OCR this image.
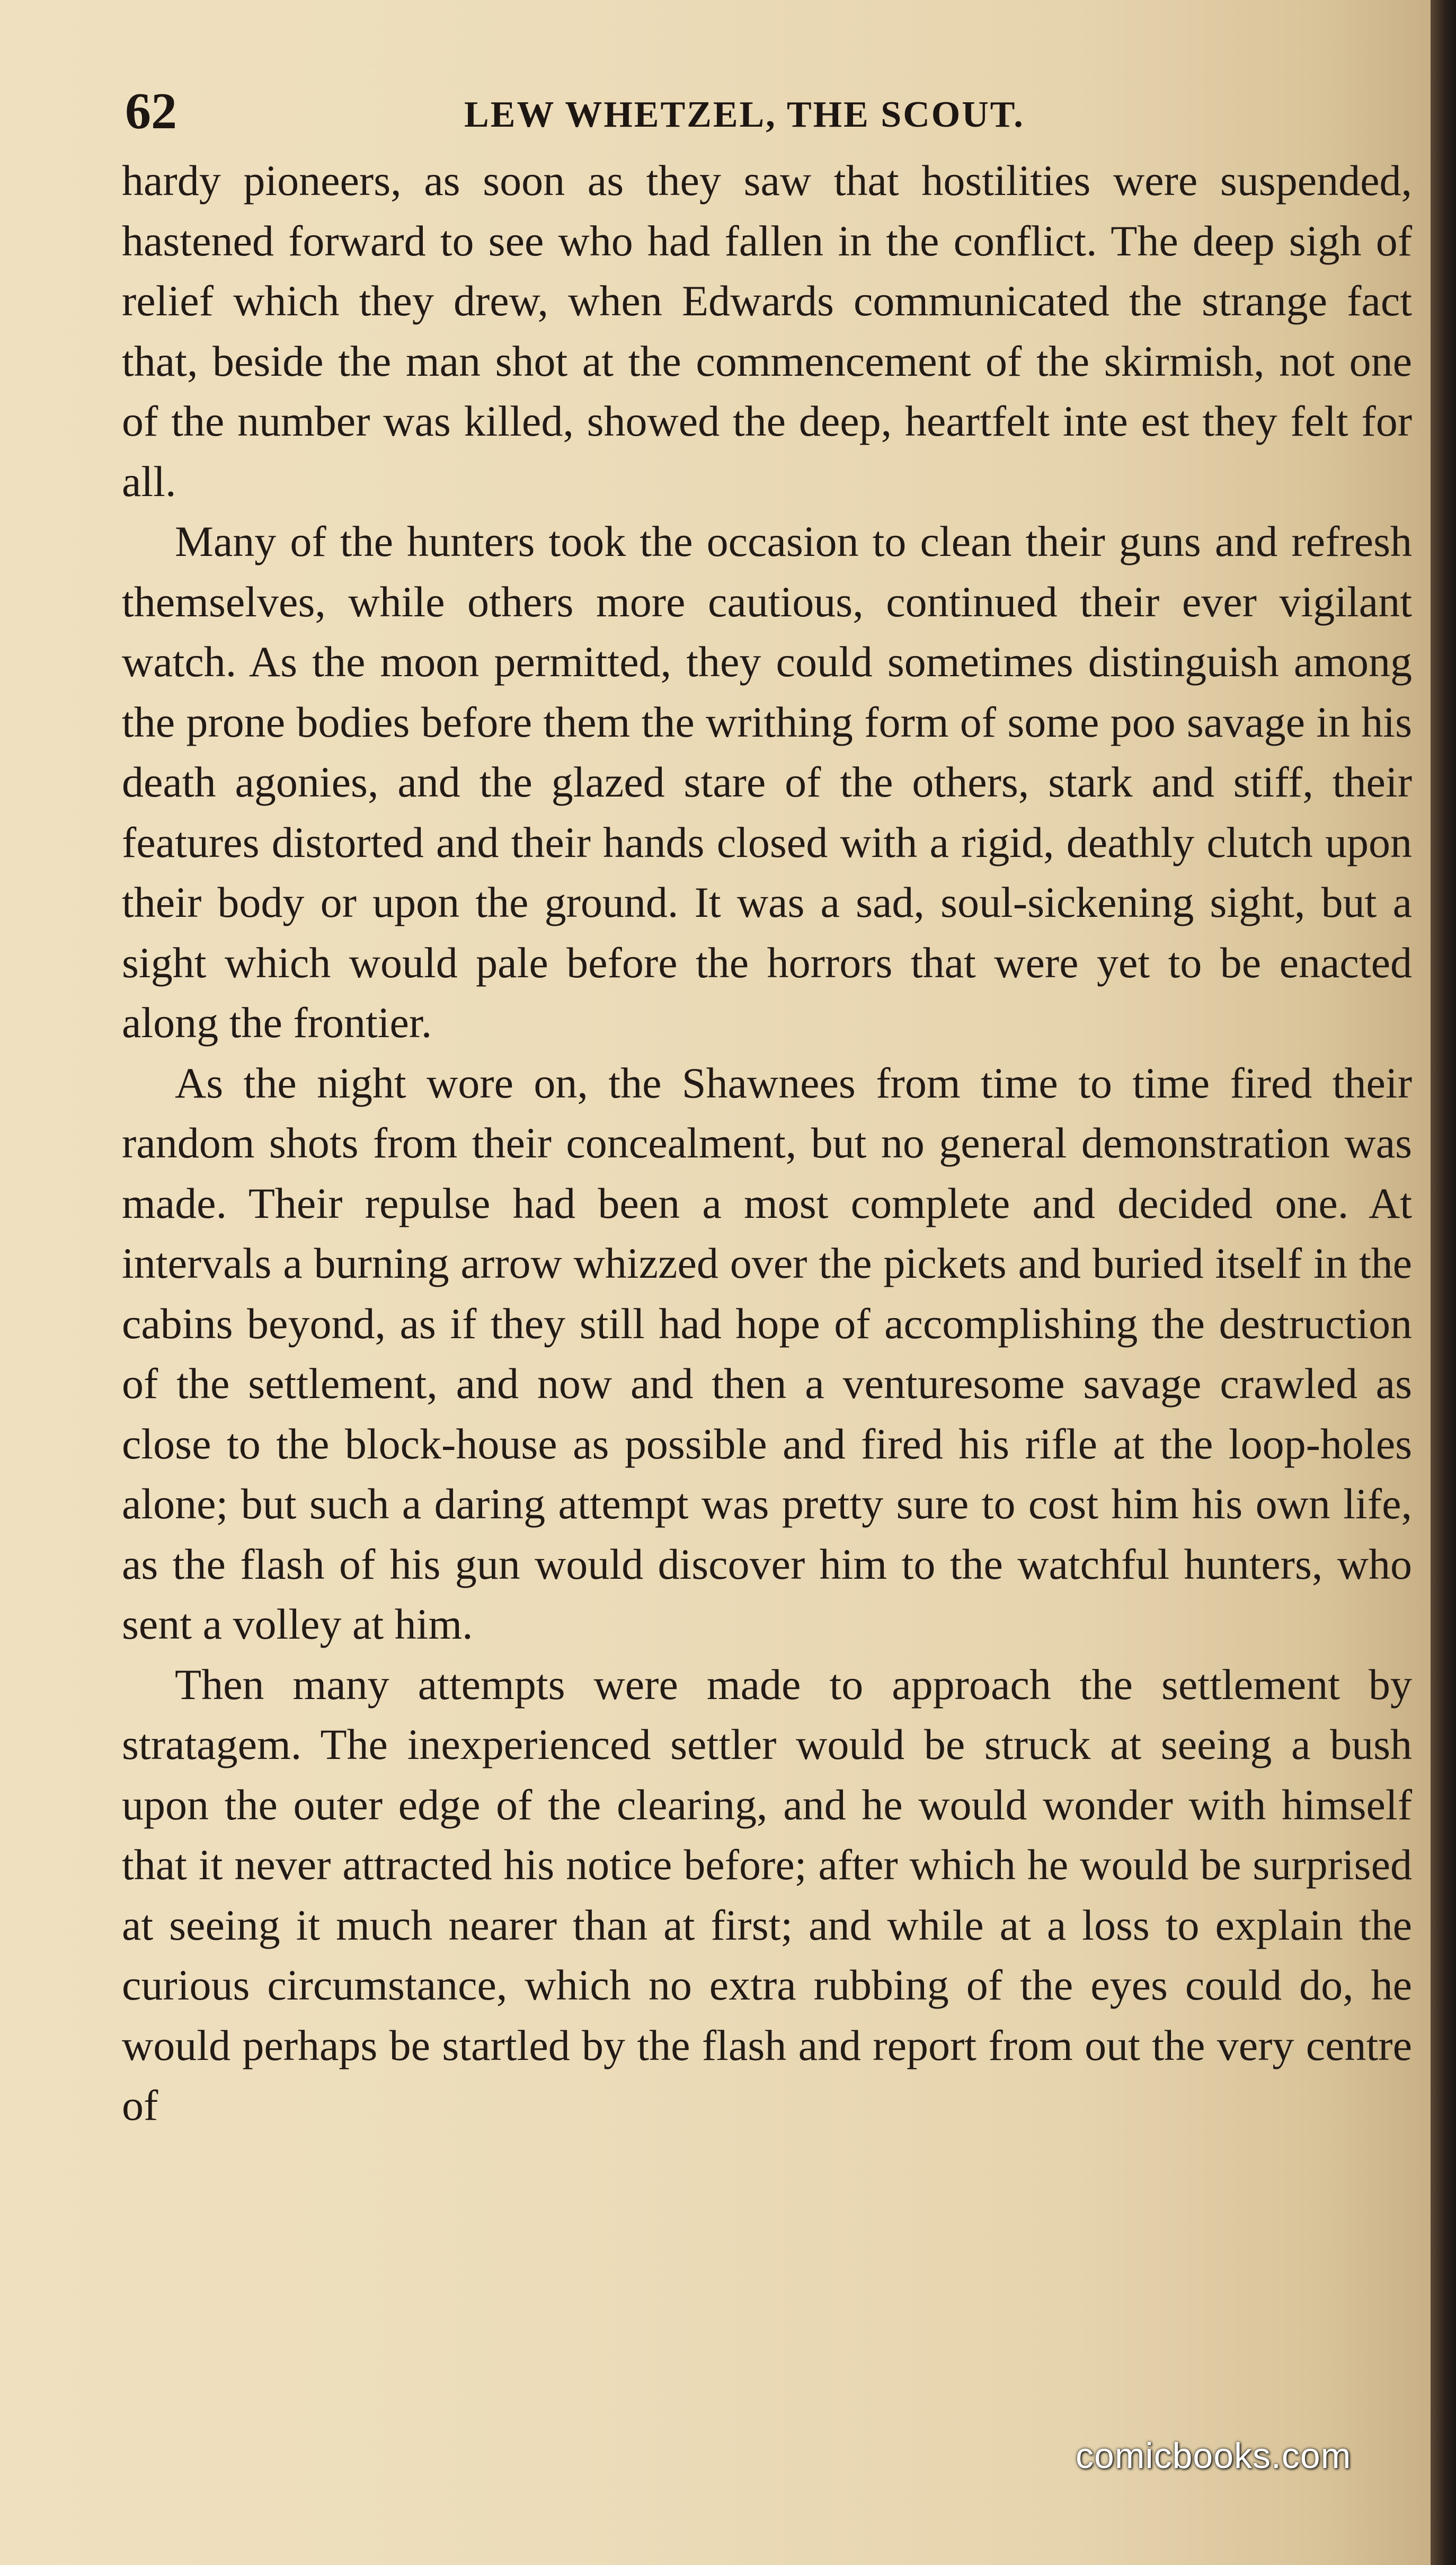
62	LEW WHETZEL, THE SCOUT.

hardy pioneers, as soon as they saw that hostilities were suspended, hastened forward to see who had fallen in the conflict. The deep sigh of relief which they drew, when Edwards communicated the strange fact that, beside the man shot at the commencement of the skirmish, not one of the number was killed, showed the deep, heartfelt inte est they felt for all.

Many of the hunters took the occasion to clean their guns and refresh themselves, while others more cautious, continued their ever vigilant watch. As the moon permitted, they could sometimes distinguish among the prone bodies before them the writhing form of some poo savage in his death agonies, and the glazed stare of the others, stark and stiff, their features distorted and their hands closed with a rigid, deathly clutch upon their body or upon the ground. It was a sad, soul-sickening sight, but a sight which would pale before the horrors that were yet to be enacted along the frontier.

As the night wore on, the Shawnees from time to time fired their random shots from their concealment, but no general demonstration was made. Their repulse had been a most complete and decided one. At intervals a burning arrow whizzed over the pickets and buried itself in the cabins beyond, as if they still had hope of accomplishing the destruction of the settlement, and now and then a venturesome savage crawled as close to the block-house as possible and fired his rifle at the loop-holes alone; but such a daring attempt was pretty sure to cost him his own life, as the flash of his gun would discover him to the watchful hunters, who sent a volley at him.

Then many attempts were made to approach the settlement by stratagem. The inexperienced settler would be struck at seeing a bush upon the outer edge of the clearing, and he would wonder with himself that it never attracted his notice before; after which he would be surprised at seeing it much nearer than at first; and while at a loss to explain the curious circumstance, which no extra rubbing of the eyes could do, he would perhaps be startled by the flash and report from out the very centre of

comicbooks.com
